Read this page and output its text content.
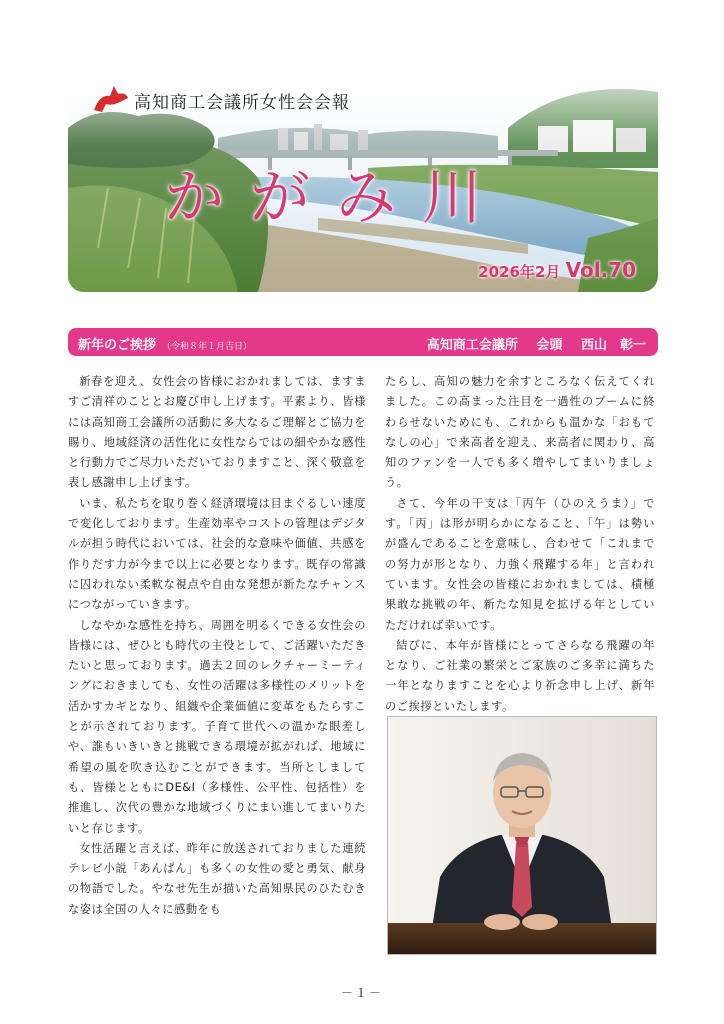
高知商工会議所女性会会報
かがみ川
2026年2月 Vol.70
新年のご挨拶 （令和８年１月吉日）	高知商工会議所 会頭 西山　彰一

新春を迎え、女性会の皆様におかれましては、ますますご清祥のこととお慶び申し上げます。平素より、皆様には高知商工会議所の活動に多大なるご理解とご協力を賜り、地域経済の活性化に女性ならではの細やかな感性と行動力でご尽力いただいておりますこと、深く敬意を表し感謝申し上げます。

いま、私たちを取り巻く経済環境は目まぐるしい速度で変化しております。生産効率やコストの管理はデジタルが担う時代においては、社会的な意味や価値、共感を作りだす力が今まで以上に必要となります。既存の常識に囚われない柔軟な視点や自由な発想が新たなチャンスにつながっていきます。

しなやかな感性を持ち、周囲を明るくできる女性会の皆様には、ぜひとも時代の主役として、ご活躍いただきたいと思っております。過去２回のレクチャーミーティングにおきましても、女性の活躍は多様性のメリットを活かすカギとなり、組織や企業価値に変革をもたらすことが示されております。子育て世代への温かな眼差しや、誰もいきいきと挑戦できる環境が拡がれば、地域に希望の風を吹き込むことができます。当所としましても、皆様とともにDE&I（多様性、公平性、包括性）を推進し、次代の豊かな地域づくりにまい進してまいりたいと存じます。

女性活躍と言えば、昨年に放送されておりました連続テレビ小説「あんぱん」も多くの女性の愛と勇気、献身の物語でした。やなせ先生が描いた高知県民のひたむきな姿は全国の人々に感動をも

たらし、高知の魅力を余すところなく伝えてくれました。この高まった注目を一過性のブームに終わらせないためにも、これからも温かな「おもてなしの心」で来高者を迎え、来高者に関わり、高知のファンを一人でも多く増やしてまいりましょう。

さて、今年の干支は「丙午（ひのえうま）」です。「丙」は形が明らかになること、「午」は勢いが盛んであることを意味し、合わせて「これまでの努力が形となり、力強く飛躍する年」と言われています。女性会の皆様におかれましては、積極果敢な挑戦の年、新たな知見を拡げる年としていただければ幸いです。

結びに、本年が皆様にとってさらなる飛躍の年となり、ご社業の繁栄とご家族のご多幸に満ちた一年となりますことを心より祈念申し上げ、新年のご挨拶といたします。

－１－
